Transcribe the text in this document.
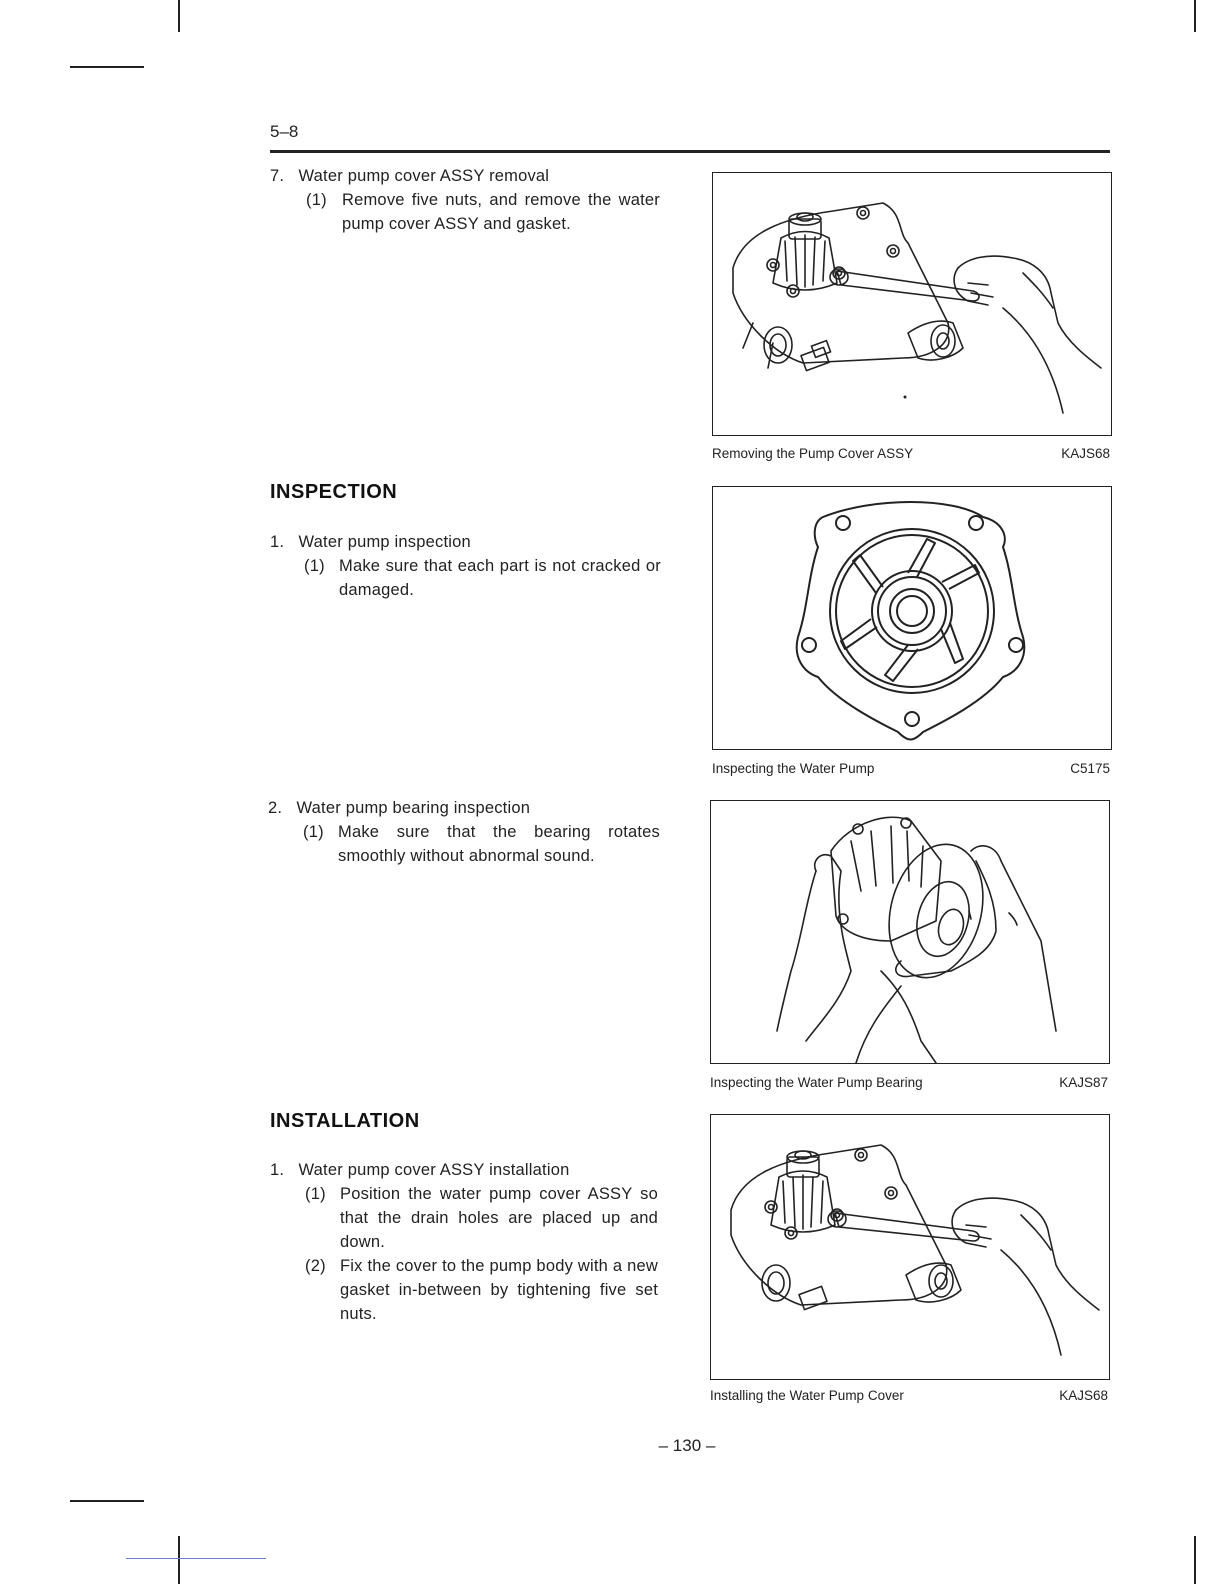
5–8
7.   Water pump cover ASSY removal
(1) Remove five nuts, and remove the water pump cover ASSY and gasket.
INSPECTION
1.   Water pump inspection
(1) Make sure that each part is not cracked or damaged.
2.   Water pump bearing inspection
(1) Make sure that the bearing rotates smoothly without abnormal sound.
INSTALLATION
1.   Water pump cover ASSY installation
(1) Position the water pump cover ASSY so that the drain holes are placed up and down.
(2) Fix the cover to the pump body with a new gasket in-between by tightening five set nuts.
Removing the Pump Cover ASSY	KAJS68
Inspecting the Water Pump	C5175
Inspecting the Water Pump Bearing	KAJS87
Installing the Water Pump Cover	KAJS68
– 130 –
